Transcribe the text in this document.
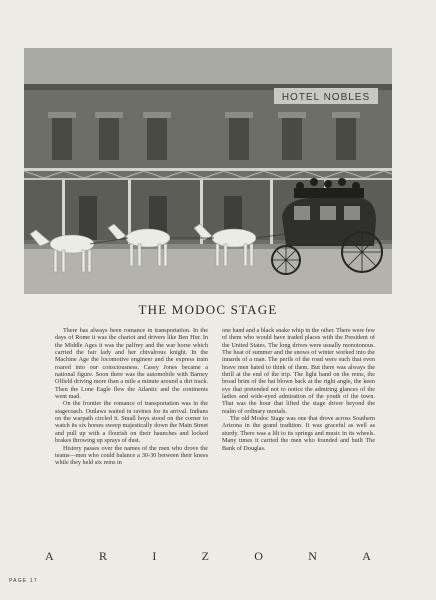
HOTEL NOBLES
THE MODOC STAGE

There has always been romance in transportation. In the days of Rome it was the chariot and drivers like Ben Hur. In the Middle Ages it was the palfrey and the war horse which carried the fair lady and her chivalrous knight. In the Machine Age the locomotive engineer and the express train roared into our consciousness. Casey Jones became a national figure. Soon there was the automobile with Barney Olfield driving more than a mile a minute around a dirt track. Then the Lone Eagle flew the Atlantic and the continents went mad.

On the frontier the romance of transportation was in the stagecoach. Outlaws waited in ravines for its arrival. Indians on the warpath circled it. Small boys stood on the corner to watch its six horses sweep majestically down the Main Street and pull up with a flourish on their haunches and locked brakes throwing up sprays of dust.

History passes over the names of the men who drove the teams—men who could balance a 30-30 between their knees while they held six reins in

one hand and a black snake whip in the other. There were few of them who would have traded places with the President of the United States. The long drives were usually monotonous. The heat of summer and the snows of winter worked into the innards of a man. The perils of the road were such that even brave men hated to think of them. But there was always the thrill at the end of the trip. The light hand on the reins, the broad brim of the hat blown back at the right angle, the keen eye that pretended not to notice the admiring glances of the ladies and wide-eyed admiration of the youth of the town. That was the hour that lifted the stage driver beyond the realm of ordinary mortals.

The old Modoc Stage was one that drove across Southern Arizona in the grand tradition. It was graceful as well as sturdy. There was a lilt to its springs and music in its wheels. Many times it carried the men who founded and built The Bank of Douglas.

A	R	I	Z	O	N	A
PAGE 17
